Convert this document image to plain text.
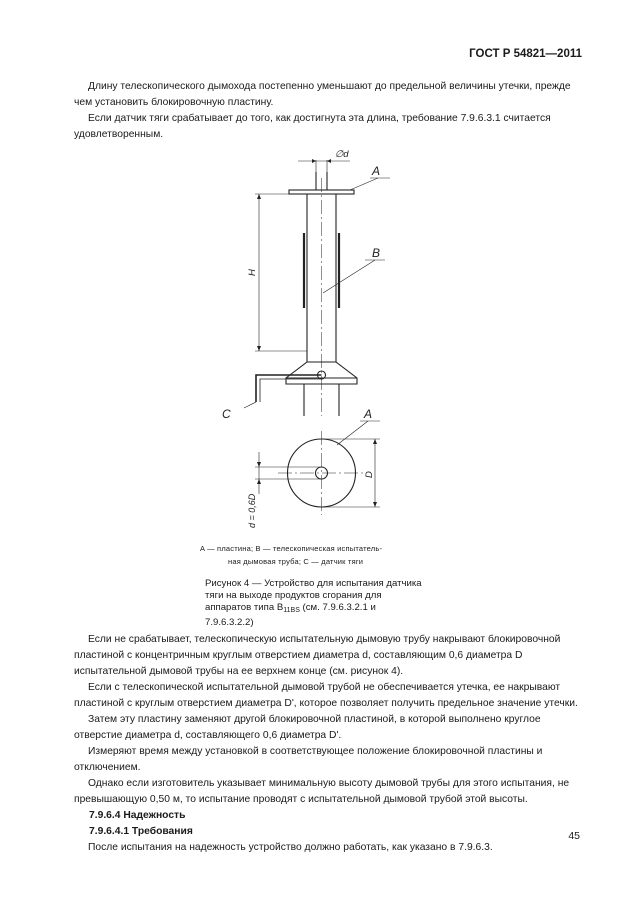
ГОСТ Р 54821—2011

Длину телескопического дымохода постепенно уменьшают до предельной величины утечки, прежде чем установить блокировочную пластину.

Если датчик тяги срабатывает до того, как достигнута эта длина, требование 7.9.6.3.1 считается удовлетворенным.

∅d
A
B
H
C	A
D
d = 0,6D
A — пластина; B — телескопическая испытатель-
ная дымовая труба; C — датчик тяги
Рисунок 4 — Устройство для испытания датчика тяги на выходе продуктов сгорания для аппаратов типа $B_{11BS}$ (см. 7.9.6.3.2.1 и 7.9.6.3.2.2)

Если не срабатывает, телескопическую испытательную дымовую трубу накрывают блокировочной пластиной с концентричным круглым отверстием диаметра d, составляющим 0,6 диаметра D испытательной дымовой трубы на ее верхнем конце (см. рисунок 4).

Если с телескопической испытательной дымовой трубой не обеспечивается утечка, ее накрывают пластиной с круглым отверстием диаметра D', которое позволяет получить предельное значение утечки.

Затем эту пластину заменяют другой блокировочной пластиной, в которой выполнено круглое отверстие диаметра d, составляющего 0,6 диаметра D'.

Измеряют время между установкой в соответствующее положение блокировочной пластины и отключением.

Однако если изготовитель указывает минимальную высоту дымовой трубы для этого испытания, не превышающую 0,50 м, то испытание проводят с испытательной дымовой трубой этой высоты.

7.9.6.4 Надежность
7.9.6.4.1 Требования

После испытания на надежность устройство должно работать, как указано в 7.9.6.3.

45
